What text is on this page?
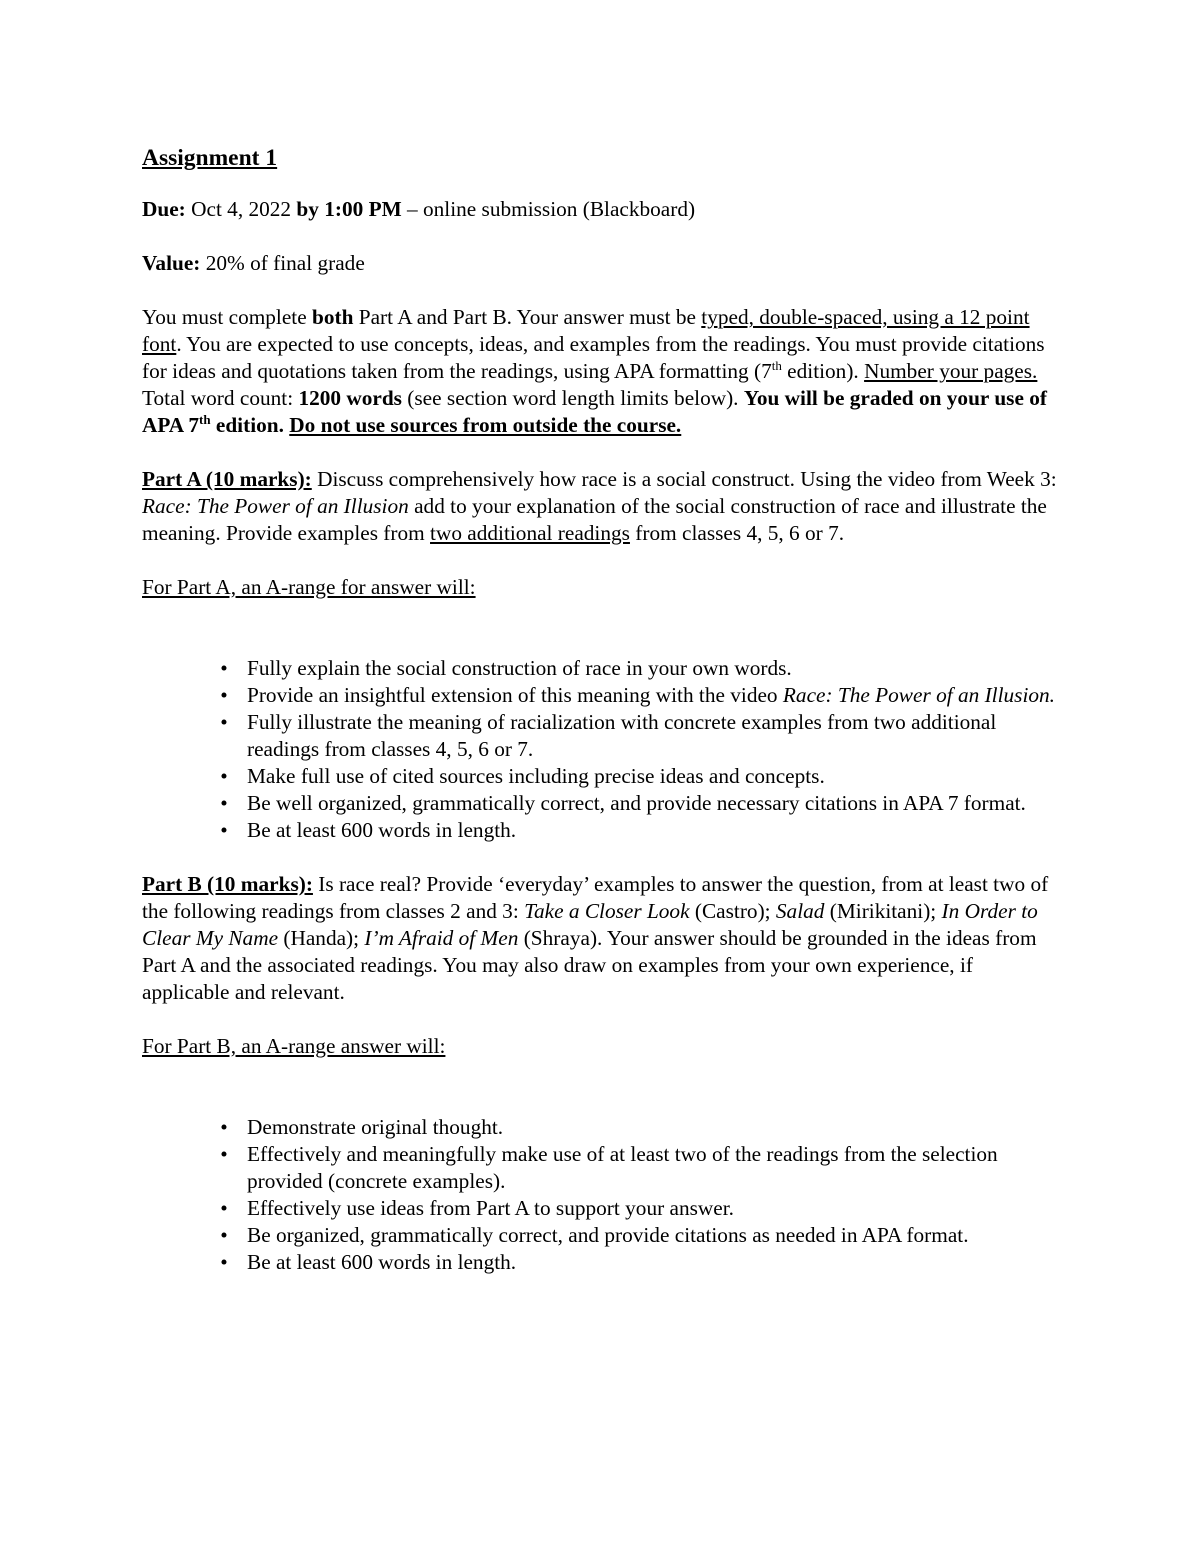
Assignment 1

Due: Oct 4, 2022 by 1:00 PM – online submission (Blackboard)

Value: 20% of final grade

You must complete both Part A and Part B. Your answer must be typed, double-spaced, using a 12 point font. You are expected to use concepts, ideas, and examples from the readings. You must provide citations for ideas and quotations taken from the readings, using APA formatting (7th edition). Number your pages. Total word count: 1200 words (see section word length limits below). You will be graded on your use of APA 7th edition. Do not use sources from outside the course.

Part A (10 marks): Discuss comprehensively how race is a social construct. Using the video from Week 3: Race: The Power of an Illusion add to your explanation of the social construction of race and illustrate the meaning. Provide examples from two additional readings from classes 4, 5, 6 or 7.

For Part A, an A-range for answer will:
• Fully explain the social construction of race in your own words.
• Provide an insightful extension of this meaning with the video Race: The Power of an Illusion.
• Fully illustrate the meaning of racialization with concrete examples from two additional readings from classes 4, 5, 6 or 7.
• Make full use of cited sources including precise ideas and concepts.
• Be well organized, grammatically correct, and provide necessary citations in APA 7 format.
• Be at least 600 words in length.

Part B (10 marks): Is race real? Provide ‘everyday’ examples to answer the question, from at least two of the following readings from classes 2 and 3: Take a Closer Look (Castro); Salad (Mirikitani); In Order to Clear My Name (Handa); I’m Afraid of Men (Shraya). Your answer should be grounded in the ideas from Part A and the associated readings. You may also draw on examples from your own experience, if applicable and relevant.

For Part B, an A-range answer will:
• Demonstrate original thought.
• Effectively and meaningfully make use of at least two of the readings from the selection provided (concrete examples).
• Effectively use ideas from Part A to support your answer.
• Be organized, grammatically correct, and provide citations as needed in APA format.
• Be at least 600 words in length.
